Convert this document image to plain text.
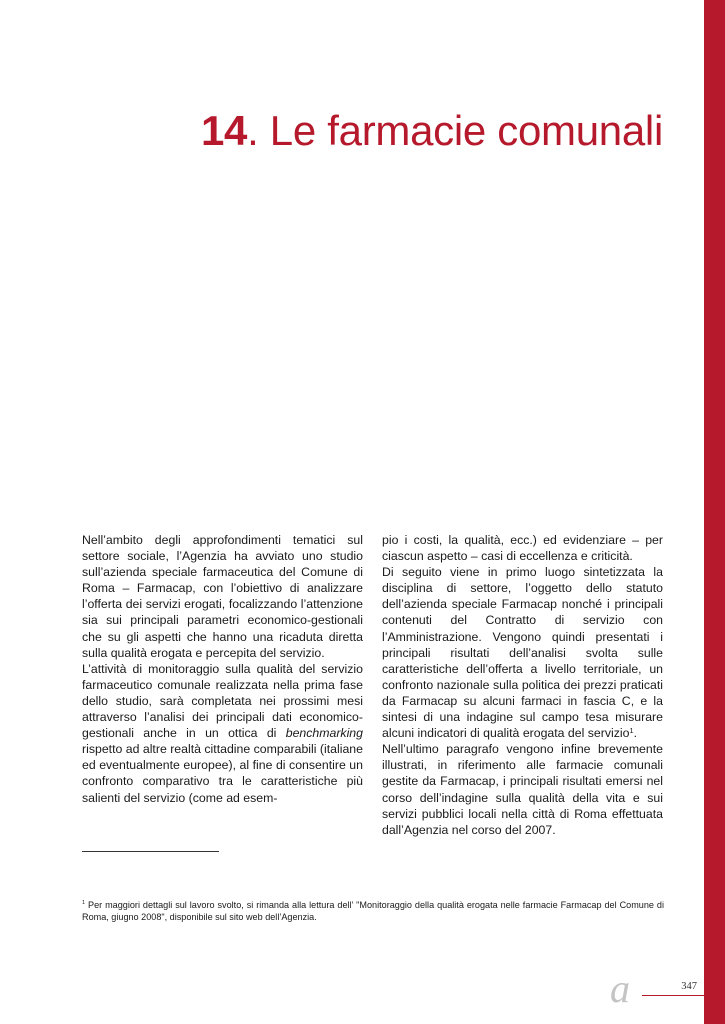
14. Le farmacie comunali

Nell’ambito degli approfondimenti tematici sul settore sociale, l’Agenzia ha avviato uno studio sull’azienda speciale farmaceutica del Comune di Roma – Farmacap, con l’obiettivo di analizzare l’offerta dei servizi erogati, focalizzando l’attenzione sia sui principali parametri economico-gestionali che su gli aspetti che hanno una ricaduta diretta sulla qualità erogata e percepita del servizio.

L’attività di monitoraggio sulla qualità del servizio farmaceutico comunale realizzata nella prima fase dello studio, sarà completata nei prossimi mesi attraverso l’analisi dei principali dati economico-gestionali anche in un ottica di benchmarking rispetto ad altre realtà cittadine comparabili (italiane ed eventualmente europee), al fine di consentire un confronto comparativo tra le caratteristiche più salienti del servizio (come ad esem-

pio i costi, la qualità, ecc.) ed evidenziare – per ciascun aspetto – casi di eccellenza e criticità.

Di seguito viene in primo luogo sintetizzata la disciplina di settore, l’oggetto dello statuto dell’azienda speciale Farmacap nonché i principali contenuti del Contratto di servizio con l’Amministrazione. Vengono quindi presentati i principali risultati dell’analisi svolta sulle caratteristiche dell’offerta a livello territoriale, un confronto nazionale sulla politica dei prezzi praticati da Farmacap su alcuni farmaci in fascia C, e la sintesi di una indagine sul campo tesa misurare alcuni indicatori di qualità erogata del servizio$^1$.

Nell’ultimo paragrafo vengono infine brevemente illustrati, in riferimento alle farmacie comunali gestite da Farmacap, i principali risultati emersi nel corso dell’indagine sulla qualità della vita e sui servizi pubblici locali nella città di Roma effettuata dall’Agenzia nel corso del 2007.

$^1$ Per maggiori dettagli sul lavoro svolto, si rimanda alla lettura dell’ "Monitoraggio della qualità erogata nelle farmacie Farmacap del Comune di Roma, giugno 2008", disponibile sul sito web dell’Agenzia.

a	347
